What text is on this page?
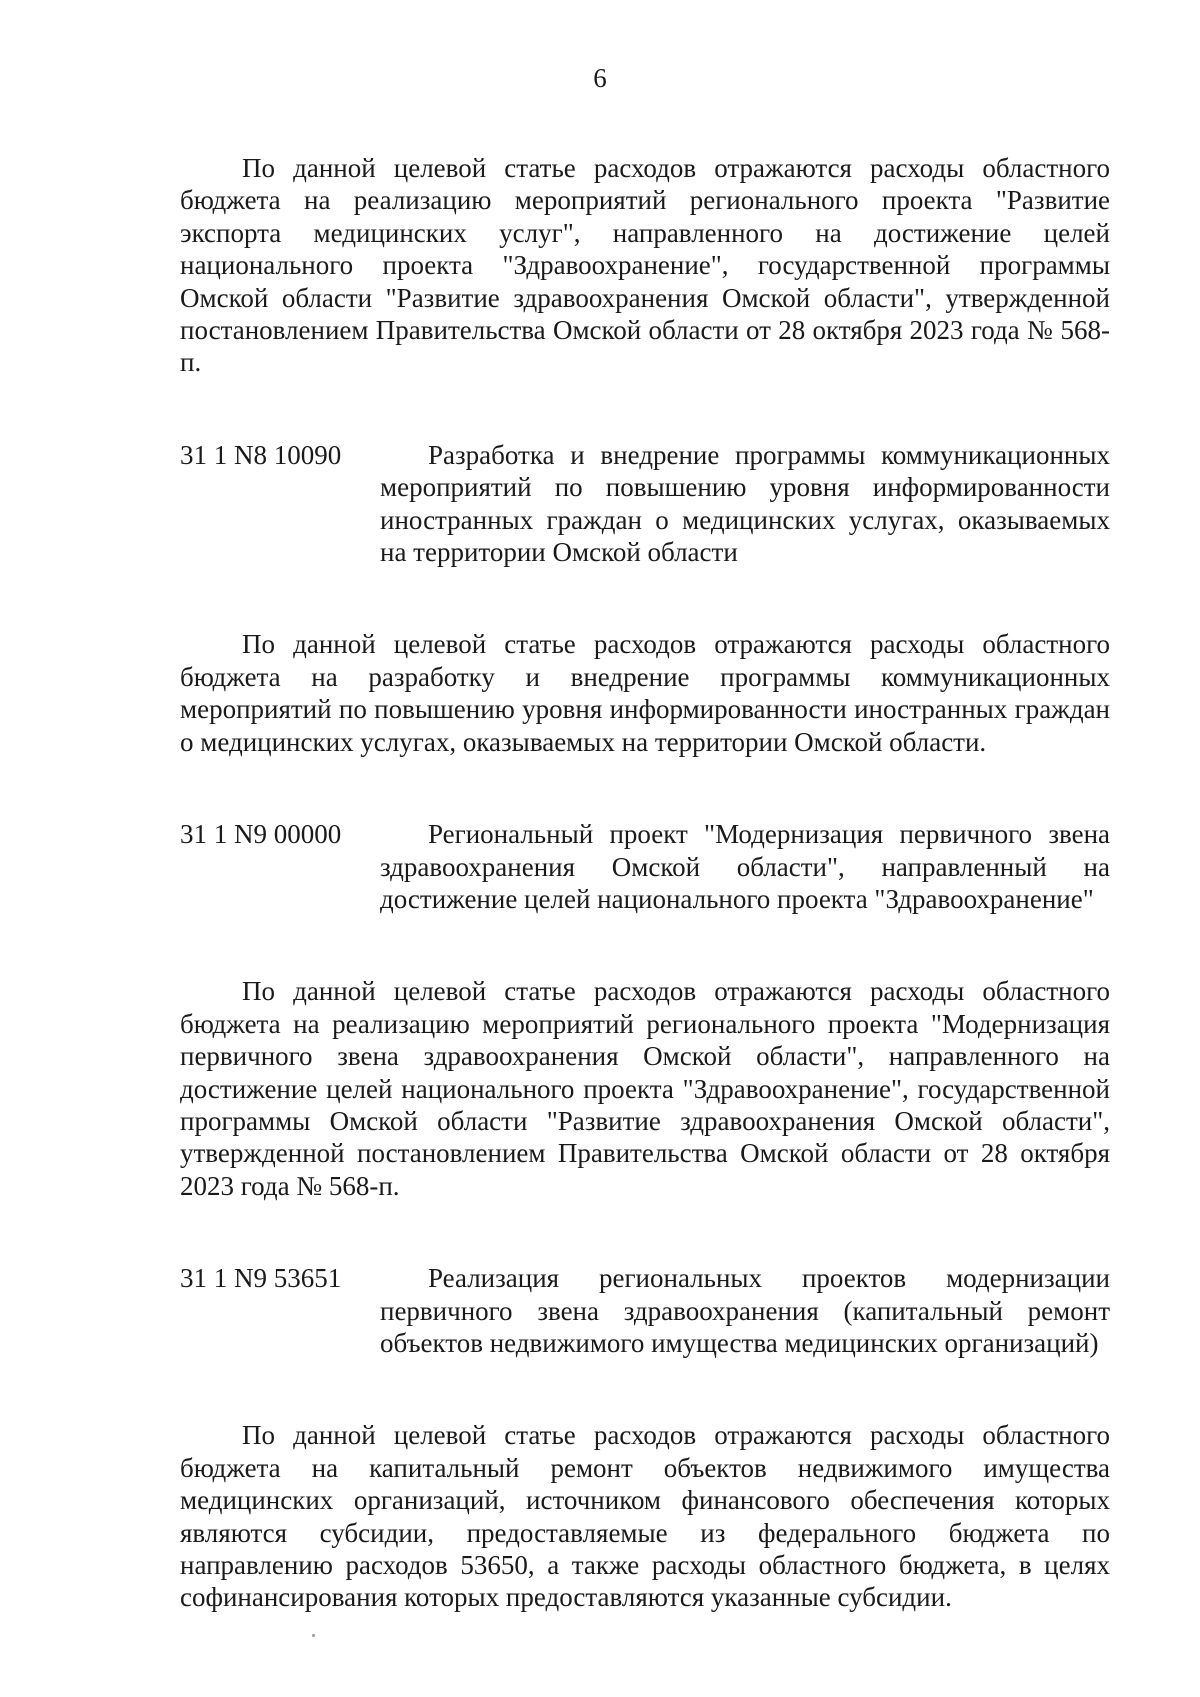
6

По данной целевой статье расходов отражаются расходы областного бюджета на реализацию мероприятий регионального проекта "Развитие экспорта медицинских услуг", направленного на достижение целей национального проекта "Здравоохранение", государственной программы Омской области "Развитие здравоохранения Омской области", утвержденной постановлением Правительства Омской области от 28 октября 2023 года № 568-п.

31 1 N8 10090	Разработка и внедрение программы коммуникационных мероприятий по повышению уровня информированности иностранных граждан о медицинских услугах, оказываемых на территории Омской области

По данной целевой статье расходов отражаются расходы областного бюджета на разработку и внедрение программы коммуникационных мероприятий по повышению уровня информированности иностранных граждан о медицинских услугах, оказываемых на территории Омской области.

31 1 N9 00000	Региональный проект "Модернизация первичного звена здравоохранения Омской области", направленный на достижение целей национального проекта "Здравоохранение"

По данной целевой статье расходов отражаются расходы областного бюджета на реализацию мероприятий регионального проекта "Модернизация первичного звена здравоохранения Омской области", направленного на достижение целей национального проекта "Здравоохранение", государственной программы Омской области "Развитие здравоохранения Омской области", утвержденной постановлением Правительства Омской области от 28 октября 2023 года № 568-п.

31 1 N9 53651	Реализация региональных проектов модернизации первичного звена здравоохранения (капитальный ремонт объектов недвижимого имущества медицинских организаций)

По данной целевой статье расходов отражаются расходы областного бюджета на капитальный ремонт объектов недвижимого имущества медицинских организаций, источником финансового обеспечения которых являются субсидии, предоставляемые из федерального бюджета по направлению расходов 53650, а также расходы областного бюджета, в целях софинансирования которых предоставляются указанные субсидии.
